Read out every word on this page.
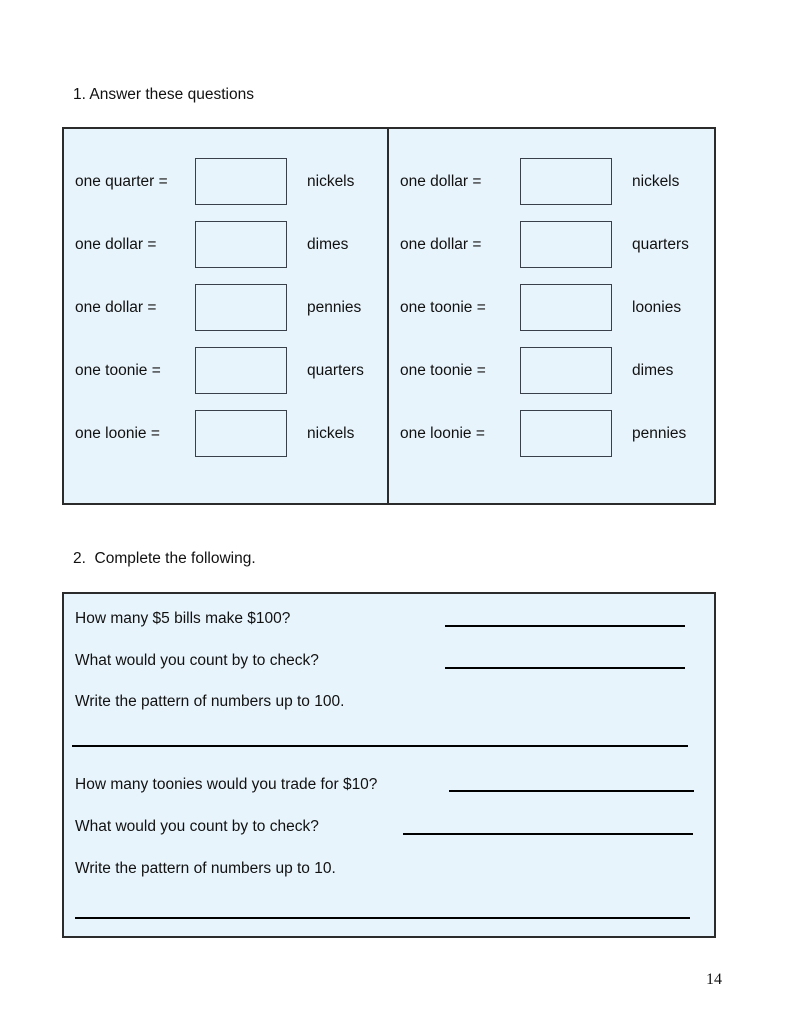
1. Answer these questions
one quarter =	nickels
one dollar =	dimes
one dollar =	pennies
one toonie =	quarters
one loonie =	nickels
one dollar =	nickels
one dollar =	quarters
one toonie =	loonies
one toonie =	dimes
one loonie =	pennies
2.  Complete the following.
How many $5 bills make $100?
What would you count by to check?
Write the pattern of numbers up to 100.
How many toonies would you trade for $10?
What would you count by to check?
Write the pattern of numbers up to 10.
14
